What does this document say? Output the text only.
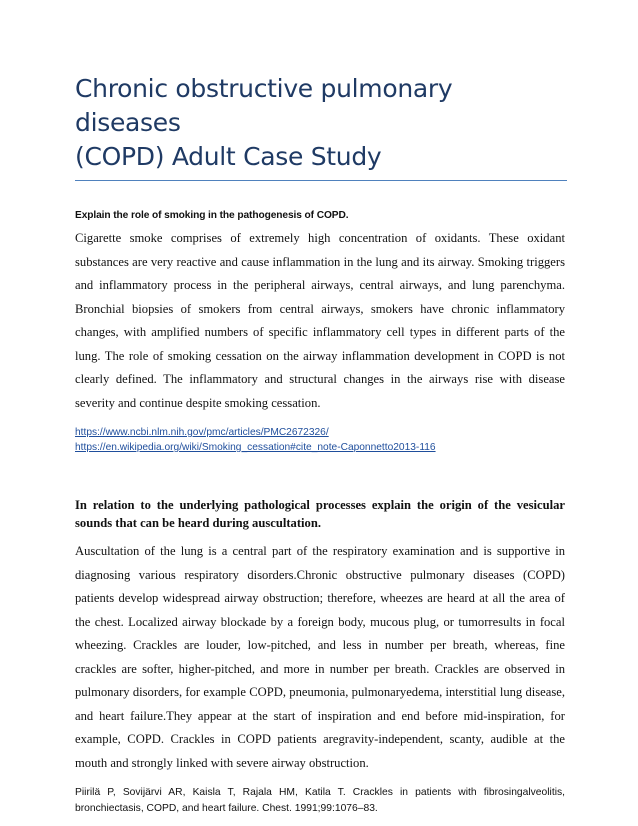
Chronic obstructive pulmonary diseases
(COPD) Adult Case Study

Explain the role of smoking in the pathogenesis of COPD.

Cigarette smoke comprises of extremely high concentration of oxidants. These oxidant substances are very reactive and cause inflammation in the lung and its airway. Smoking triggers and inflammatory process in the peripheral airways, central airways, and lung parenchyma. Bronchial biopsies of smokers from central airways, smokers have chronic inflammatory changes, with amplified numbers of specific inflammatory cell types in different parts of the lung. The role of smoking cessation on the airway inflammation development in COPD is not clearly defined. The inflammatory and structural changes in the airways rise with disease severity and continue despite smoking cessation.

https://www.ncbi.nlm.nih.gov/pmc/articles/PMC2672326/
https://en.wikipedia.org/wiki/Smoking_cessation#cite_note-Caponnetto2013-116

In relation to the underlying pathological processes explain the origin of the vesicular sounds that can be heard during auscultation.

Auscultation of the lung is a central part of the respiratory examination and is supportive in diagnosing various respiratory disorders.Chronic obstructive pulmonary diseases (COPD) patients develop widespread airway obstruction; therefore, wheezes are heard at all the area of the chest. Localized airway blockade by a foreign body, mucous plug, or tumorresults in focal wheezing. Crackles are louder, low-pitched, and less in number per breath, whereas, fine crackles are softer, higher-pitched, and more in number per breath. Crackles are observed in pulmonary disorders, for example COPD, pneumonia, pulmonaryedema, interstitial lung disease, and heart failure.They appear at the start of inspiration and end before mid-inspiration, for example, COPD. Crackles in COPD patients aregravity-independent, scanty, audible at the mouth and strongly linked with severe airway obstruction.

Piirilä P, Sovijärvi AR, Kaisla T, Rajala HM, Katila T. Crackles in patients with fibrosingalveolitis, bronchiectasis, COPD, and heart failure. Chest. 1991;99:1076–83.
